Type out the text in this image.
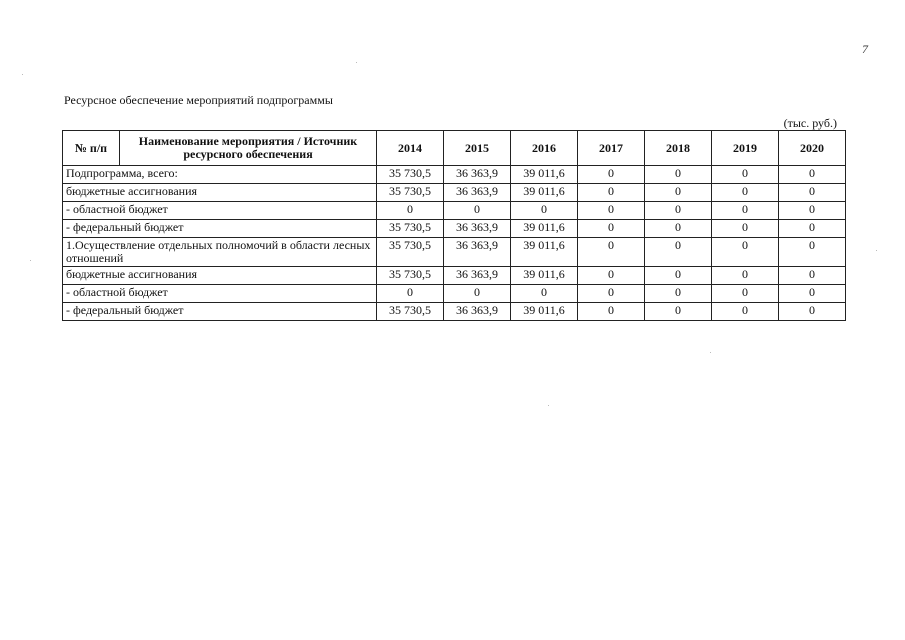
7
Ресурсное обеспечение мероприятий подпрограммы
(тыс. руб.)
№ п/п	Наименование мероприятия / Источник ресурсного обеспечения	2014	2015	2016	2017	2018	2019	2020
Подпрограмма, всего:		35 730,5	36 363,9	39 011,6	0	0	0	0
бюджетные ассигнования		35 730,5	36 363,9	39 011,6	0	0	0	0
- областной бюджет		0	0	0	0	0	0	0
- федеральный бюджет		35 730,5	36 363,9	39 011,6	0	0	0	0
1.Осуществление отдельных полномочий в области лесных отношений		35 730,5	36 363,9	39 011,6	0	0	0	0
бюджетные ассигнования		35 730,5	36 363,9	39 011,6	0	0	0	0
- областной бюджет		0	0	0	0	0	0	0
- федеральный бюджет		35 730,5	36 363,9	39 011,6	0	0	0	0
